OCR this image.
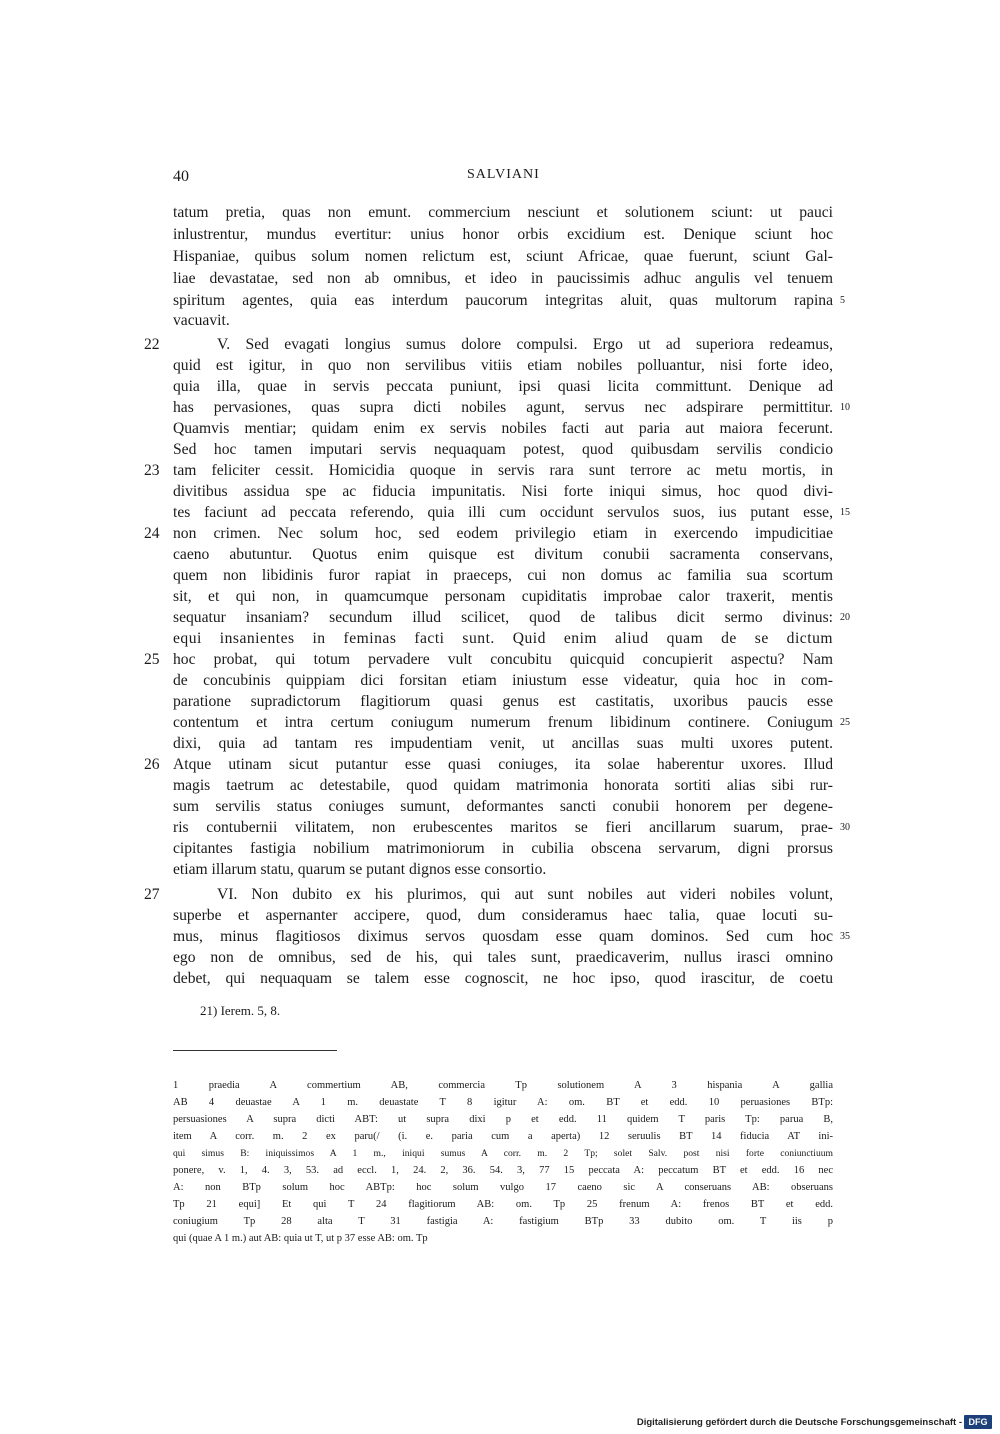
40	SALVIANI
tatum pretia, quas non emunt. commercium nesciunt et solutionem sciunt: ut pauci
inlustrentur, mundus evertitur: unius honor orbis excidium est. Denique sciunt hoc
Hispaniae, quibus solum nomen relictum est, sciunt Africae, quae fuerunt, sciunt Gal-
liae devastatae, sed non ab omnibus, et ideo in paucissimis adhuc angulis vel tenuem
spiritum agentes, quia eas interdum paucorum integritas aluit, quas multorum rapina 5
vacuavit.
22	V. Sed evagati longius sumus dolore compulsi. Ergo ut ad superiora redeamus,
quid est igitur, in quo non servilibus vitiis etiam nobiles polluantur, nisi forte ideo,
quia illa, quae in servis peccata puniunt, ipsi quasi licita committunt. Denique ad
has pervasiones, quas supra dicti nobiles agunt, servus nec adspirare permittitur. 10
Quamvis mentiar; quidam enim ex servis nobiles facti aut paria aut maiora fecerunt.
Sed hoc tamen imputari servis nequaquam potest, quod quibusdam servilis condicio
23 tam feliciter cessit. Homicidia quoque in servis rara sunt terrore ac metu mortis, in
divitibus assidua spe ac fiducia impunitatis. Nisi forte iniqui simus, hoc quod divi-
tes faciunt ad peccata referendo, quia illi cum occidunt servulos suos, ius putant esse, 15
24 non crimen. Nec solum hoc, sed eodem privilegio etiam in exercendo impudicitiae
caeno abutuntur. Quotus enim quisque est divitum conubii sacramenta conservans,
quem non libidinis furor rapiat in praeceps, cui non domus ac familia sua scortum
sit, et qui non, in quamcumque personam cupiditatis improbae calor traxerit, mentis
sequatur insaniam? secundum illud scilicet, quod de talibus dicit sermo divinus: 20
equi insanientes in feminas facti sunt. Quid enim aliud quam de se dictum
25 hoc probat, qui totum pervadere vult concubitu quicquid concupierit aspectu? Nam
de concubinis quippiam dici forsitan etiam iniustum esse videatur, quia hoc in com-
paratione supradictorum flagitiorum quasi genus est castitatis, uxoribus paucis esse
contentum et intra certum coniugum numerum frenum libidinum continere. Coniugum 25
dixi, quia ad tantam res impudentiam venit, ut ancillas suas multi uxores putent.
26 Atque utinam sicut putantur esse quasi coniuges, ita solae haberentur uxores. Illud
magis taetrum ac detestabile, quod quidam matrimonia honorata sortiti alias sibi rur-
sum servilis status coniuges sumunt, deformantes sancti conubii honorem per degene-
ris contubernii vilitatem, non erubescentes maritos se fieri ancillarum suarum, prae- 30
cipitantes fastigia nobilium matrimoniorum in cubilia obscena servarum, digni prorsus
etiam illarum statu, quarum se putant dignos esse consortio.
27	VI. Non dubito ex his plurimos, qui aut sunt nobiles aut videri nobiles volunt,
superbe et aspernanter accipere, quod, dum consideramus haec talia, quae locuti su-
mus, minus flagitiosos diximus servos quosdam esse quam dominos. Sed cum hoc 35
ego non de omnibus, sed de his, qui tales sunt, praedicaverim, nullus irasci omnino
debet, qui nequaquam se talem esse cognoscit, ne hoc ipso, quod irascitur, de coetu
21) Ierem. 5, 8.
1 praedia A commertium AB, commercia Tp solutionem A 3 hispania A gallia
AB 4 deuastae A 1 m. deuastate T 8 igitur A: om. BT et edd. 10 peruasiones BTp:
persuasiones A supra dicti ABT: ut supra dixi p et edd. 11 quidem T paris Tp: parua B,
item A corr. m. 2 ex paru(/ (i. e. paria cum a aperta) 12 seruulis BT 14 fiducia AT ini-
qui simus B: iniquissimos A 1 m., iniqui sumus A corr. m. 2 Tp; solet Salv. post nisi forte coniunctiuum
ponere, v. 1, 4. 3, 53. ad eccl. 1, 24. 2, 36. 54. 3, 77 15 peccata A: peccatum BT et edd. 16 nec
A: non BTp solum hoc ABTp: hoc solum vulgo 17 caeno sic A conseruans AB: obseruans
Tp 21 equi] Et qui T 24 flagitiorum AB: om. Tp 25 frenum A: frenos BT et edd.
coniugium Tp 28 alta T 31 fastigia A: fastigium BTp 33 dubito om. T iis p
qui (quae A 1 m.) aut AB: quia ut T, ut p 37 esse AB: om. Tp
Digitalisierung gefördert durch die Deutsche Forschungsgemeinschaft - DFG
